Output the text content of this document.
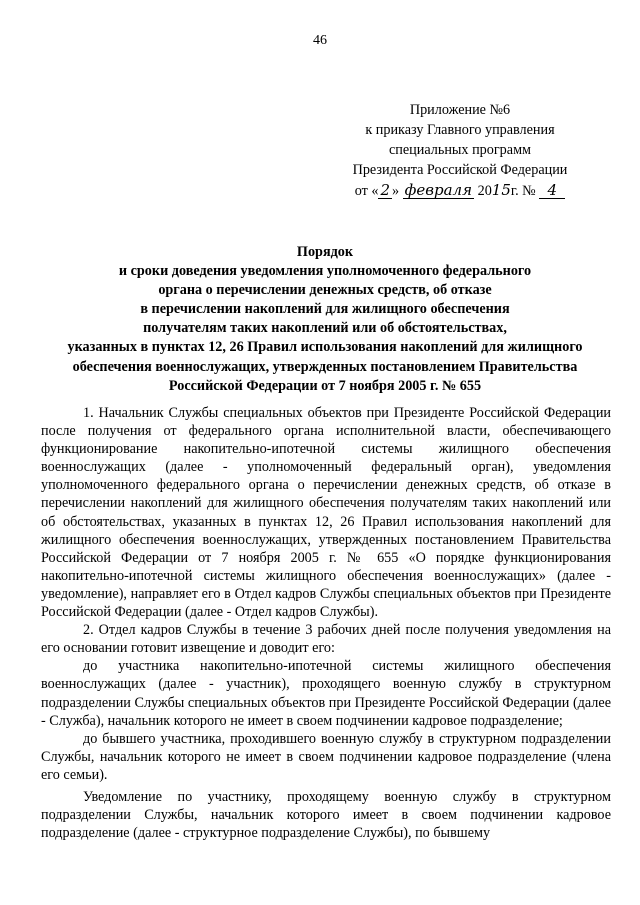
46
Приложение №6
к приказу Главного управления
специальных программ
Президента Российской Федерации
от « 2 » февраля 2015г. № 4
Порядок
и сроки доведения уведомления уполномоченного федерального
органа о перечислении денежных средств, об отказе
в перечислении накоплений для жилищного обеспечения
получателям таких накоплений или об обстоятельствах,
указанных в пунктах 12, 26 Правил использования накоплений для жилищного
обеспечения военнослужащих, утвержденных постановлением Правительства
Российской Федерации от 7 ноября 2005 г. № 655

1. Начальник Службы специальных объектов при Президенте Российской Федерации после получения от федерального органа исполнительной власти, обеспечивающего функционирование накопительно-ипотечной системы жилищного обеспечения военнослужащих (далее - уполномоченный федеральный орган), уведомления уполномоченного федерального органа о перечислении денежных средств, об отказе в перечислении накоплений для жилищного обеспечения получателям таких накоплений или об обстоятельствах, указанных в пунктах 12, 26 Правил использования накоплений для жилищного обеспечения военнослужащих, утвержденных постановлением Правительства Российской Федерации от 7 ноября 2005 г. № 655 «О порядке функционирования накопительно-ипотечной системы жилищного обеспечения военнослужащих» (далее - уведомление), направляет его в Отдел кадров Службы специальных объектов при Президенте Российской Федерации (далее - Отдел кадров Службы).

2. Отдел кадров Службы в течение 3 рабочих дней после получения уведомления на его основании готовит извещение и доводит его:

до участника накопительно-ипотечной системы жилищного обеспечения военнослужащих (далее - участник), проходящего военную службу в структурном подразделении Службы специальных объектов при Президенте Российской Федерации (далее - Служба), начальник которого не имеет в своем подчинении кадровое подразделение;

до бывшего участника, проходившего военную службу в структурном подразделении Службы, начальник которого не имеет в своем подчинении кадровое подразделение (члена его семьи).

Уведомление по участнику, проходящему военную службу в структурном подразделении Службы, начальник которого имеет в своем подчинении кадровое подразделение (далее - структурное подразделение Службы), по бывшему
